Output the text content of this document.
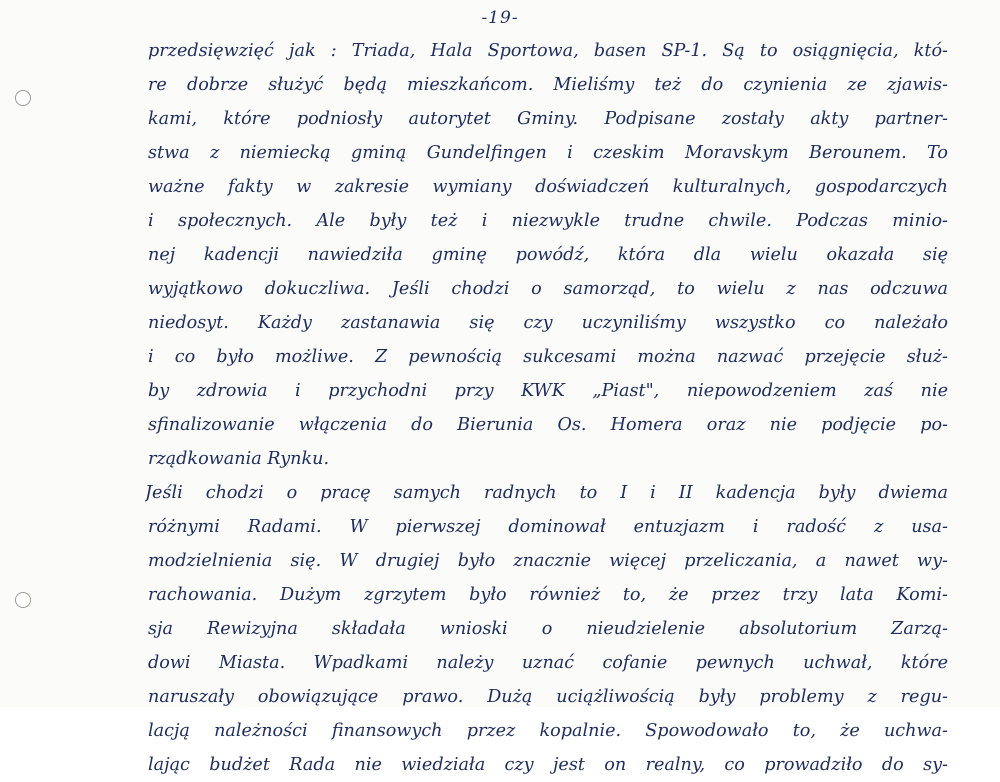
-19-
przedsięwzięć jak : Triada, Hala Sportowa, basen SP-1. Są to osiągnięcia, któ-
re dobrze służyć będą mieszkańcom. Mieliśmy też do czynienia ze zjawis-
kami, które podniosły autorytet Gminy. Podpisane zostały akty partner-
stwa z niemiecką gminą Gundelfingen i czeskim Moravskym Berounem. To
ważne fakty w zakresie wymiany doświadczeń kulturalnych, gospodarczych
i społecznych. Ale były też i niezwykle trudne chwile. Podczas minio-
nej kadencji nawiedziła gminę powódź, która dla wielu okazała się
wyjątkowo dokuczliwa. Jeśli chodzi o samorząd, to wielu z nas odczuwa
niedosyt. Każdy zastanawia się czy uczyniliśmy wszystko co należało
i co było możliwe. Z pewnością sukcesami można nazwać przejęcie służ-
by zdrowia i przychodni przy KWK „Piast", niepowodzeniem zaś nie
sfinalizowanie włączenia do Bierunia Os. Homera oraz nie podjęcie po-
rządkowania Rynku.
Jeśli chodzi o pracę samych radnych to I i II kadencja były dwiema
różnymi Radami. W pierwszej dominował entuzjazm i radość z usa-
modzielnienia się. W drugiej było znacznie więcej przeliczania, a nawet wy-
rachowania. Dużym zgrzytem było również to, że przez trzy lata Komi-
sja Rewizyjna składała wnioski o nieudzielenie absolutorium Zarzą-
dowi Miasta. Wpadkami należy uznać cofanie pewnych uchwał, które
naruszały obowiązujące prawo. Dużą uciążliwością były problemy z regu-
lacją należności finansowych przez kopalnie. Spowodowało to, że uchwa-
lając budżet Rada nie wiedziała czy jest on realny, co prowadziło do sy-
